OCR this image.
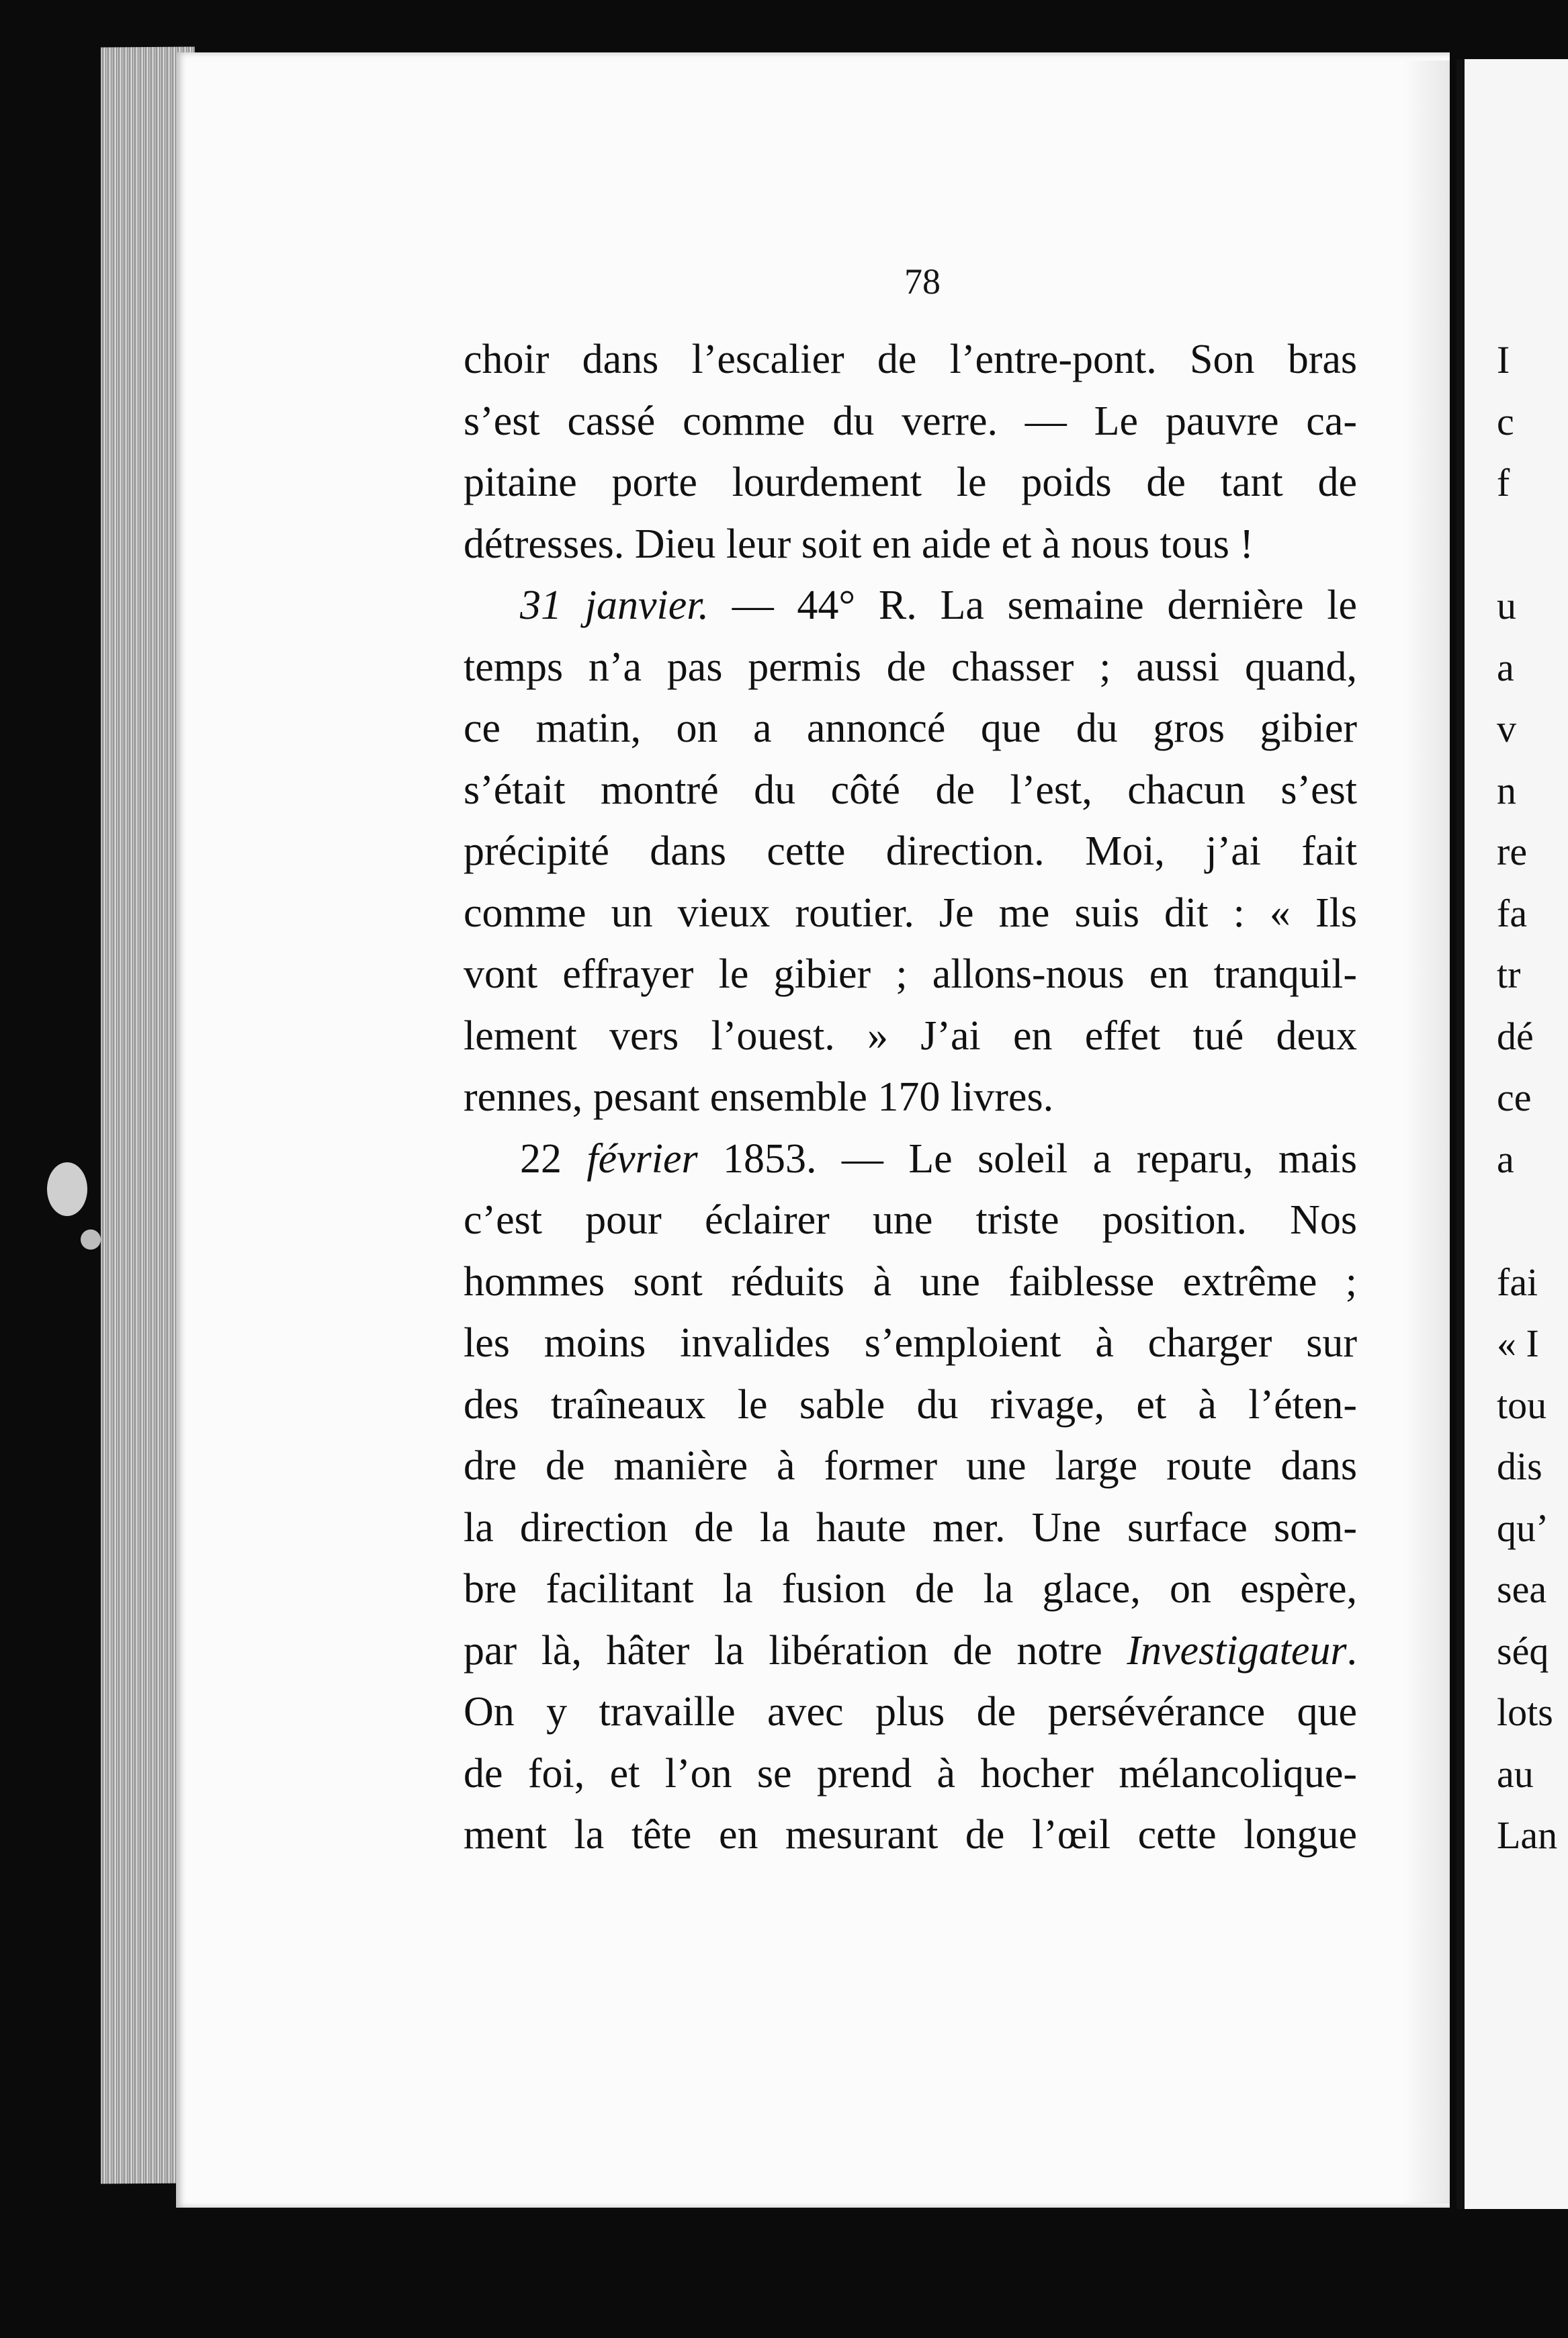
78
choir dans l’escalier de l’entre-pont. Son bras
s’est cassé comme du verre. — Le pauvre ca-
pitaine porte lourdement le poids de tant de
détresses. Dieu leur soit en aide et à nous tous !
31 janvier. — 44° R. La semaine dernière le
temps n’a pas permis de chasser ; aussi quand,
ce matin, on a annoncé que du gros gibier
s’était montré du côté de l’est, chacun s’est
précipité dans cette direction. Moi, j’ai fait
comme un vieux routier. Je me suis dit : « Ils
vont effrayer le gibier ; allons-nous en tranquil-
lement vers l’ouest. » J’ai en effet tué deux
rennes, pesant ensemble 170 livres.
22 février 1853. — Le soleil a reparu, mais
c’est pour éclairer une triste position. Nos
hommes sont réduits à une faiblesse extrême ;
les moins invalides s’emploient à charger sur
des traîneaux le sable du rivage, et à l’éten-
dre de manière à former une large route dans
la direction de la haute mer. Une surface som-
bre facilitant la fusion de la glace, on espère,
par là, hâter la libération de notre Investigateur.
On y travaille avec plus de persévérance que
de foi, et l’on se prend à hocher mélancolique-
ment la tête en mesurant de l’œil cette longue
I
c
f
u
a
v
n
re
fa
tr
dé
ce
a
fai
« I
tou
dis
qu’
sea
séq
lots
au
Lan
